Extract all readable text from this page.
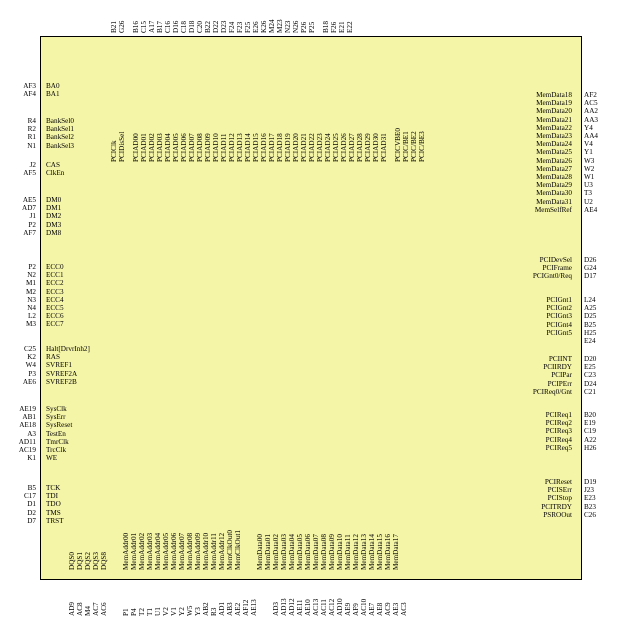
BA0
BA1
AF3
AF4
BankSel0
BankSel1
BankSel2
BankSel3
R4
R2
R1
N1
CAS
ClkEn
J2
AF5
DM0
DM1
DM2
DM3
DM8
AE5
AD7
J1
P2
AF7
ECC0
ECC1
ECC2
ECC3
ECC4
ECC5
ECC6
ECC7
P2
N2
M1
M2
N3
N4
L2
M3
Halt[DrvrInh2]
RAS
SVREF1
SVREF2A
SVREF2B
C25
K2
W4
P3
AE6
SysClk
SysErr
SysReset
TestEn
TmrClk
TrcClk
WE
AE19
AB1
AE18
A3
AD11
AC19
K1
TCK
TDI
TDO
TMS
TRST
B5
C17
D1
D2
D7
MemData18
MemData19
MemData20
MemData21
MemData22
MemData23
MemData24
MemData25
MemData26
MemData27
MemData28
MemData29
MemData30
MemData31
MemSelfRef
AF2
AC5
AA2
AA3
Y4
AA4
V4
Y1
W3
W2
W1
U3
T3
U2
AE4
PCIDevSel
PCIFrame
PCIGnt0/Req
D26
G24
D17
PCIGnt1
PCIGnt2
PCIGnt3
PCIGnt4
PCIGnt5
L24
A25
D25
B25
H25
E24
PCIINT
PCIIRDY
PCIPar
PCIPErr
PCIReq0/Gnt
D20
E25
C23
D24
C21
PCIReq1
PCIReq2
PCIReq3
PCIReq4
PCIReq5
B20
E19
C19
A22
H26
PCIReset
PCISErr
PCIStop
PCITRDY
PSROOut
D19
J23
E23
B23
C26
PCIClk PCIDisSel PCIAD00 PCIAD01 PCIAD02 PCIAD03 PCIAD04 PCIAD05 PCIAD06 PCIAD07 PCIAD08 PCIAD09 PCIAD10 PCIAD11 PCIAD12 PCIAD13 PCIAD14 PCIAD15 PCIAD16 PCIAD17 PCIAD18 PCIAD19 PCIAD20 PCIAD21 PCIAD22 PCIAD23 PCIAD24 PCIAD25 PCIAD26 PCIAD27 PCIAD28 PCIAD29 PCIAD30 PCIAD31 PCICVBE0 PCIC/BE1 PCIC/BE2 PCIC/BE3
B21 G26 B16 C15 A17 B17 C16 D16 C18 D18 C20 B22 D22 D23 F24 F23 F25 E26 K26 M24 M23 N23 N26 P26 P25 B18 F26 E21 E22
DQS0 DQS1 DQS2 DQS3 DQS8 MemAddr00 MemAddr01 MemAddr02 MemAddr03 MemAddr04 MemAddr05 MemAddr06 MemAddr07 MemAddr08 MemAddr09 MemAddr10 MemAddr11 MemAddr12 MemClkOut0 MemClkOut1 MemData00 MemData01 MemData02 MemData03 MemData04 MemData05 MemData06 MemData07 MemData08 MemData09 MemData10 MemData11 MemData12 MemData13 MemData14 MemData15 MemData16 MemData17
AD9 AC8 M4 AC7 AC6 P1 P4 T2 T1 U1 V2 V1 Y2 W5 Y3 AB2 R3 AD1 AB3 AE2 AF12 AE13 AD3 AD13 AD12 AE11 AE10 AC13 AC11 AC12 AD10 AE9 AF9 AC10 AE7 AE8 AC9 AE3 AC3
